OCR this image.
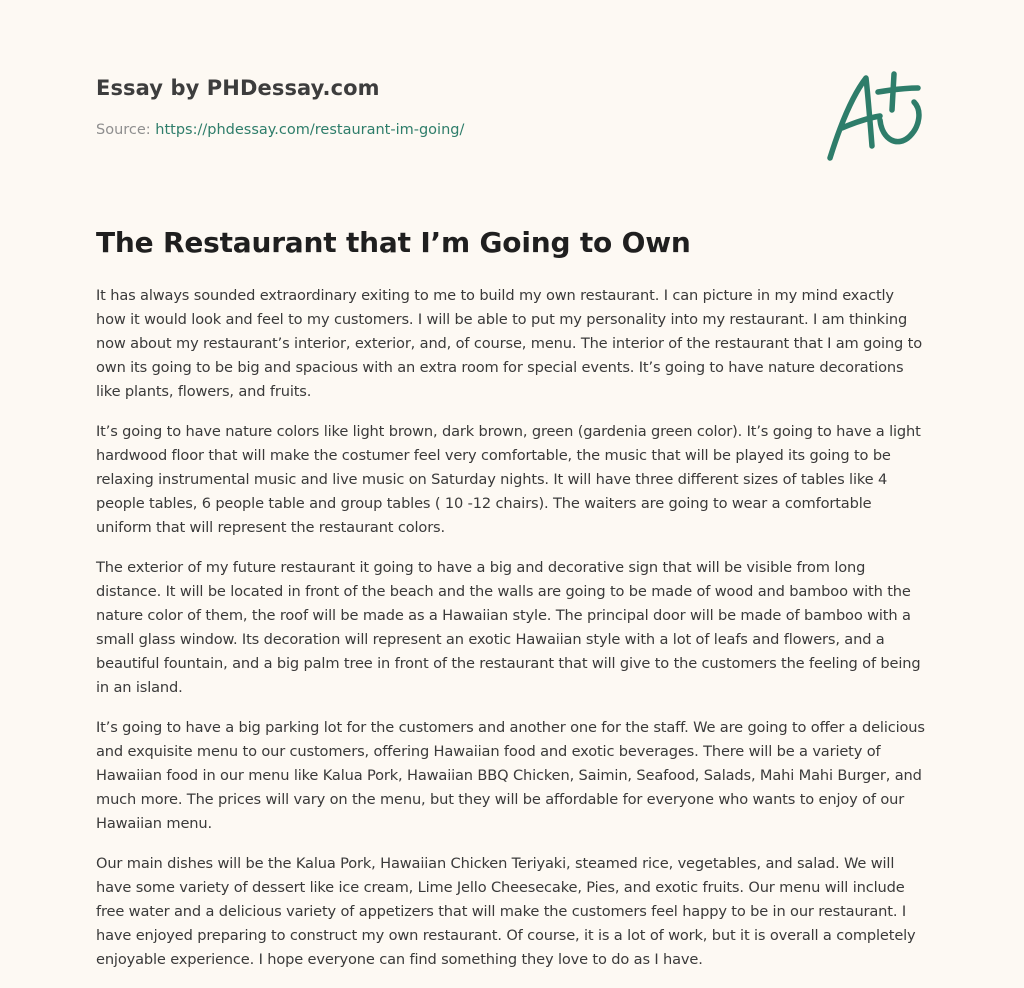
Essay by PHDessay.com
Source: https://phdessay.com/restaurant-im-going/
The Restaurant that I’m Going to Own

It has always sounded extraordinary exiting to me to build my own restaurant. I can picture in my mind exactly how it would look and feel to my customers. I will be able to put my personality into my restaurant. I am thinking now about my restaurant’s interior, exterior, and, of course, menu. The interior of the restaurant that I am going to own its going to be big and spacious with an extra room for special events. It’s going to have nature decorations like plants, flowers, and fruits.

It’s going to have nature colors like light brown, dark brown, green (gardenia green color). It’s going to have a light hardwood floor that will make the costumer feel very comfortable, the music that will be played its going to be relaxing instrumental music and live music on Saturday nights. It will have three different sizes of tables like 4 people tables, 6 people table and group tables ( 10 -12 chairs). The waiters are going to wear a comfortable uniform that will represent the restaurant colors.

The exterior of my future restaurant it going to have a big and decorative sign that will be visible from long distance. It will be located in front of the beach and the walls are going to be made of wood and bamboo with the nature color of them, the roof will be made as a Hawaiian style. The principal door will be made of bamboo with a small glass window. Its decoration will represent an exotic Hawaiian style with a lot of leafs and flowers, and a beautiful fountain, and a big palm tree in front of the restaurant that will give to the customers the feeling of being in an island.

It’s going to have a big parking lot for the customers and another one for the staff. We are going to offer a delicious and exquisite menu to our customers, offering Hawaiian food and exotic beverages. There will be a variety of Hawaiian food in our menu like Kalua Pork, Hawaiian BBQ Chicken, Saimin, Seafood, Salads, Mahi Mahi Burger, and much more. The prices will vary on the menu, but they will be affordable for everyone who wants to enjoy of our Hawaiian menu.

Our main dishes will be the Kalua Pork, Hawaiian Chicken Teriyaki, steamed rice, vegetables, and salad. We will have some variety of dessert like ice cream, Lime Jello Cheesecake, Pies, and exotic fruits. Our menu will include free water and a delicious variety of appetizers that will make the customers feel happy to be in our restaurant. I have enjoyed preparing to construct my own restaurant. Of course, it is a lot of work, but it is overall a completely enjoyable experience. I hope everyone can find something they love to do as I have.
